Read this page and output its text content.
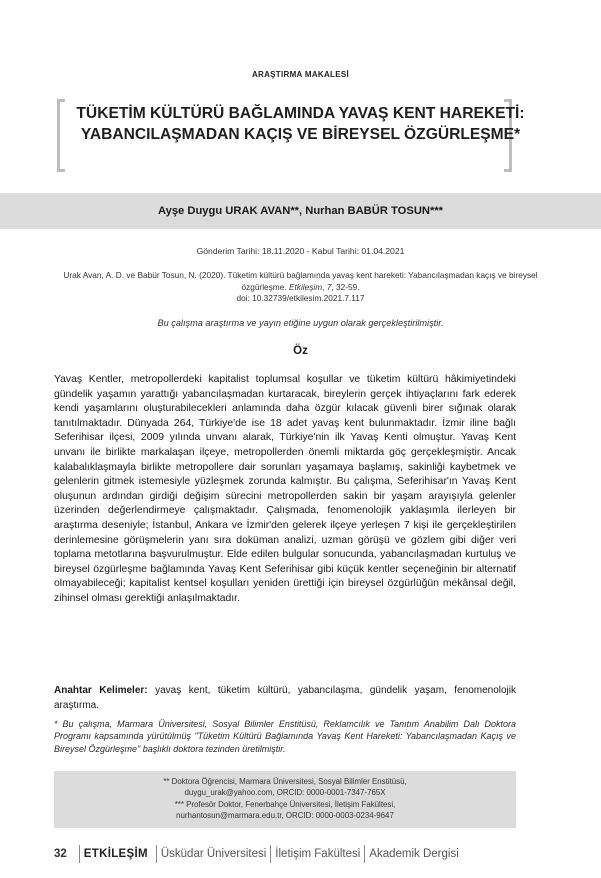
ARAŞTIRMA MAKALESİ
TÜKETİM KÜLTÜRÜ BAĞLAMINDA YAVAŞ KENT HAREKETİ: YABANCILAŞMADAN KAÇIŞ VE BİREYSEL ÖZGÜRLEŞME*
Ayşe Duygu URAK AVAN**, Nurhan BABÜR TOSUN***
Gönderim Tarihi: 18.11.2020 - Kabul Tarihi: 01.04.2021
Urak Avan, A. D. ve Babür Tosun, N. (2020). Tüketim kültürü bağlamında yavaş kent hareketi: Yabancılaşmadan kaçış ve bireysel özgürleşme. Etkileşim, 7, 32-59.
doi: 10.32739/etkilesim.2021.7.117
Bu çalışma araştırma ve yayın etiğine uygun olarak gerçekleştirilmiştir.
Öz
Yavaş Kentler, metropollerdeki kapitalist toplumsal koşullar ve tüketim kültürü hâkimiyetindeki gündelik yaşamın yarattığı yabancılaşmadan kurtaracak, bireylerin gerçek ihtiyaçlarını fark ederek kendi yaşamlarını oluşturabilecekleri anlamında daha özgür kılacak güvenli birer sığınak olarak tanıtılmaktadır. Dünyada 264, Türkiye'de ise 18 adet yavaş kent bulunmaktadır. İzmir iline bağlı Seferihisar ilçesi, 2009 yılında unvanı alarak, Türkiye'nin ilk Yavaş Kenti olmuştur. Yavaş Kent unvanı ile birlikte markalaşan ilçeye, metropollerden önemli miktarda göç gerçekleşmiştir. Ancak kalabalıklaşmayla birlikte metropollere dair sorunları yaşamaya başlamış, sakinliği kaybetmek ve gelenlerin gitmek istemesiyle yüzleşmek zorunda kalmıştır. Bu çalışma, Seferihisar'ın Yavaş Kent oluşunun ardından girdiği değişim sürecini metropollerden sakin bir yaşam arayışıyla gelenler üzerinden değerlendirmeye çalışmaktadır. Çalışmada, fenomenolojik yaklaşımla ilerleyen bir araştırma deseniyle; İstanbul, Ankara ve İzmir'den gelerek ilçeye yerleşen 7 kişi ile gerçekleştirilen derinlemesine görüşmelerin yanı sıra doküman analizi, uzman görüşü ve gözlem gibi diğer veri toplama metotlarına başvurulmuştur. Elde edilen bulgular sonucunda, yabancılaşmadan kurtuluş ve bireysel özgürleşme bağlamında Yavaş Kent Seferihisar gibi küçük kentler seçeneğinin bir alternatif olmayabileceği; kapitalist kentsel koşulları yeniden ürettiği için bireysel özgürlüğün mekânsal değil, zihinsel olması gerektiği anlaşılmaktadır.
Anahtar Kelimeler: yavaş kent, tüketim kültürü, yabancılaşma, gündelik yaşam, fenomenolojik araştırma.
* Bu çalışma, Marmara Üniversitesi, Sosyal Bilimler Enstitüsü, Reklamcılık ve Tanıtım Anabilim Dalı Doktora Programı kapsamında yürütülmüş "Tüketim Kültürü Bağlamında Yavaş Kent Hareketi: Yabancılaşmadan Kaçış ve Bireysel Özgürleşme" başlıklı doktora tezinden üretilmiştir.
** Doktora Öğrencisi, Marmara Üniversitesi, Sosyal Bilimler Enstitüsü,
duygu_urak@yahoo.com, ORCID: 0000-0001-7347-765X
*** Profesör Doktor, Fenerbahçe Üniversitesi, İletişim Fakültesi,
nurhantosun@marmara.edu.tr, ORCID: 0000-0003-0234-9647
32 ETKİLEŞİM Üsküdar Üniversitesi İletişim Fakültesi Akademik Dergisi
